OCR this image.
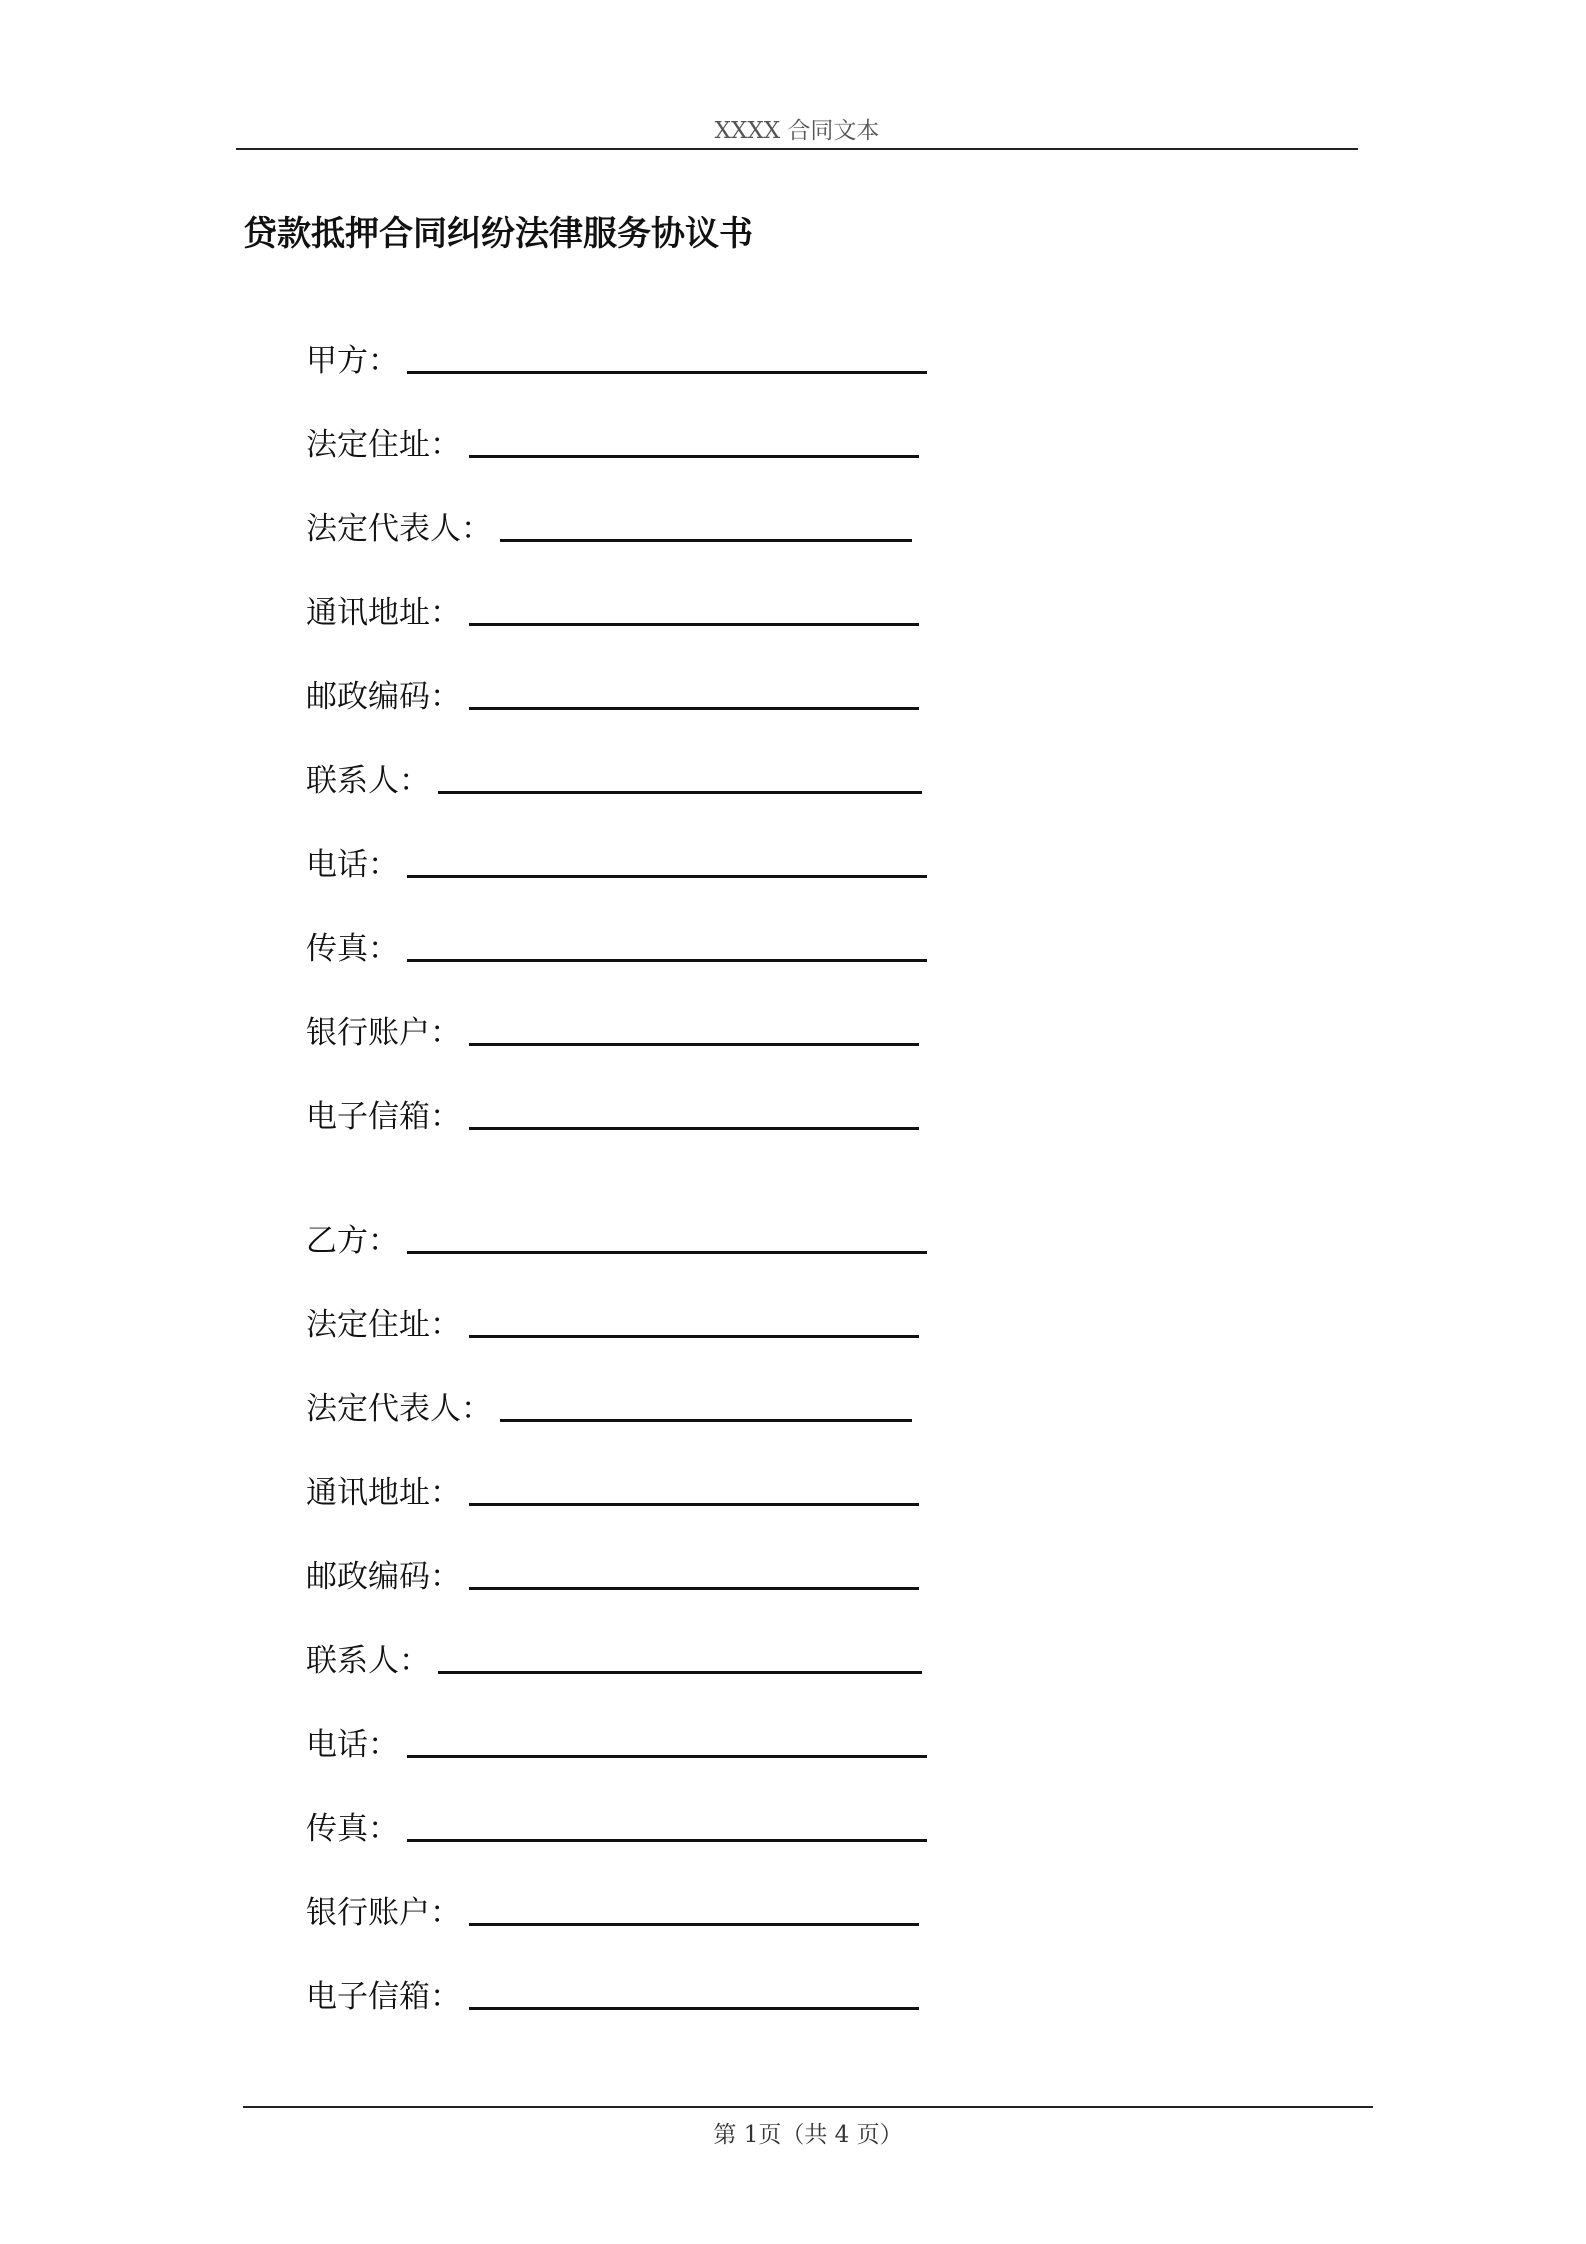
XXXX 合同文本
贷款抵押合同纠纷法律服务协议书
甲方：
法定住址：
法定代表人：
通讯地址：
邮政编码：
联系人：
电话：
传真：
银行账户：
电子信箱：
乙方：
法定住址：
法定代表人：
通讯地址：
邮政编码：
联系人：
电话：
传真：
银行账户：
电子信箱：
第 1页（共 4 页）
